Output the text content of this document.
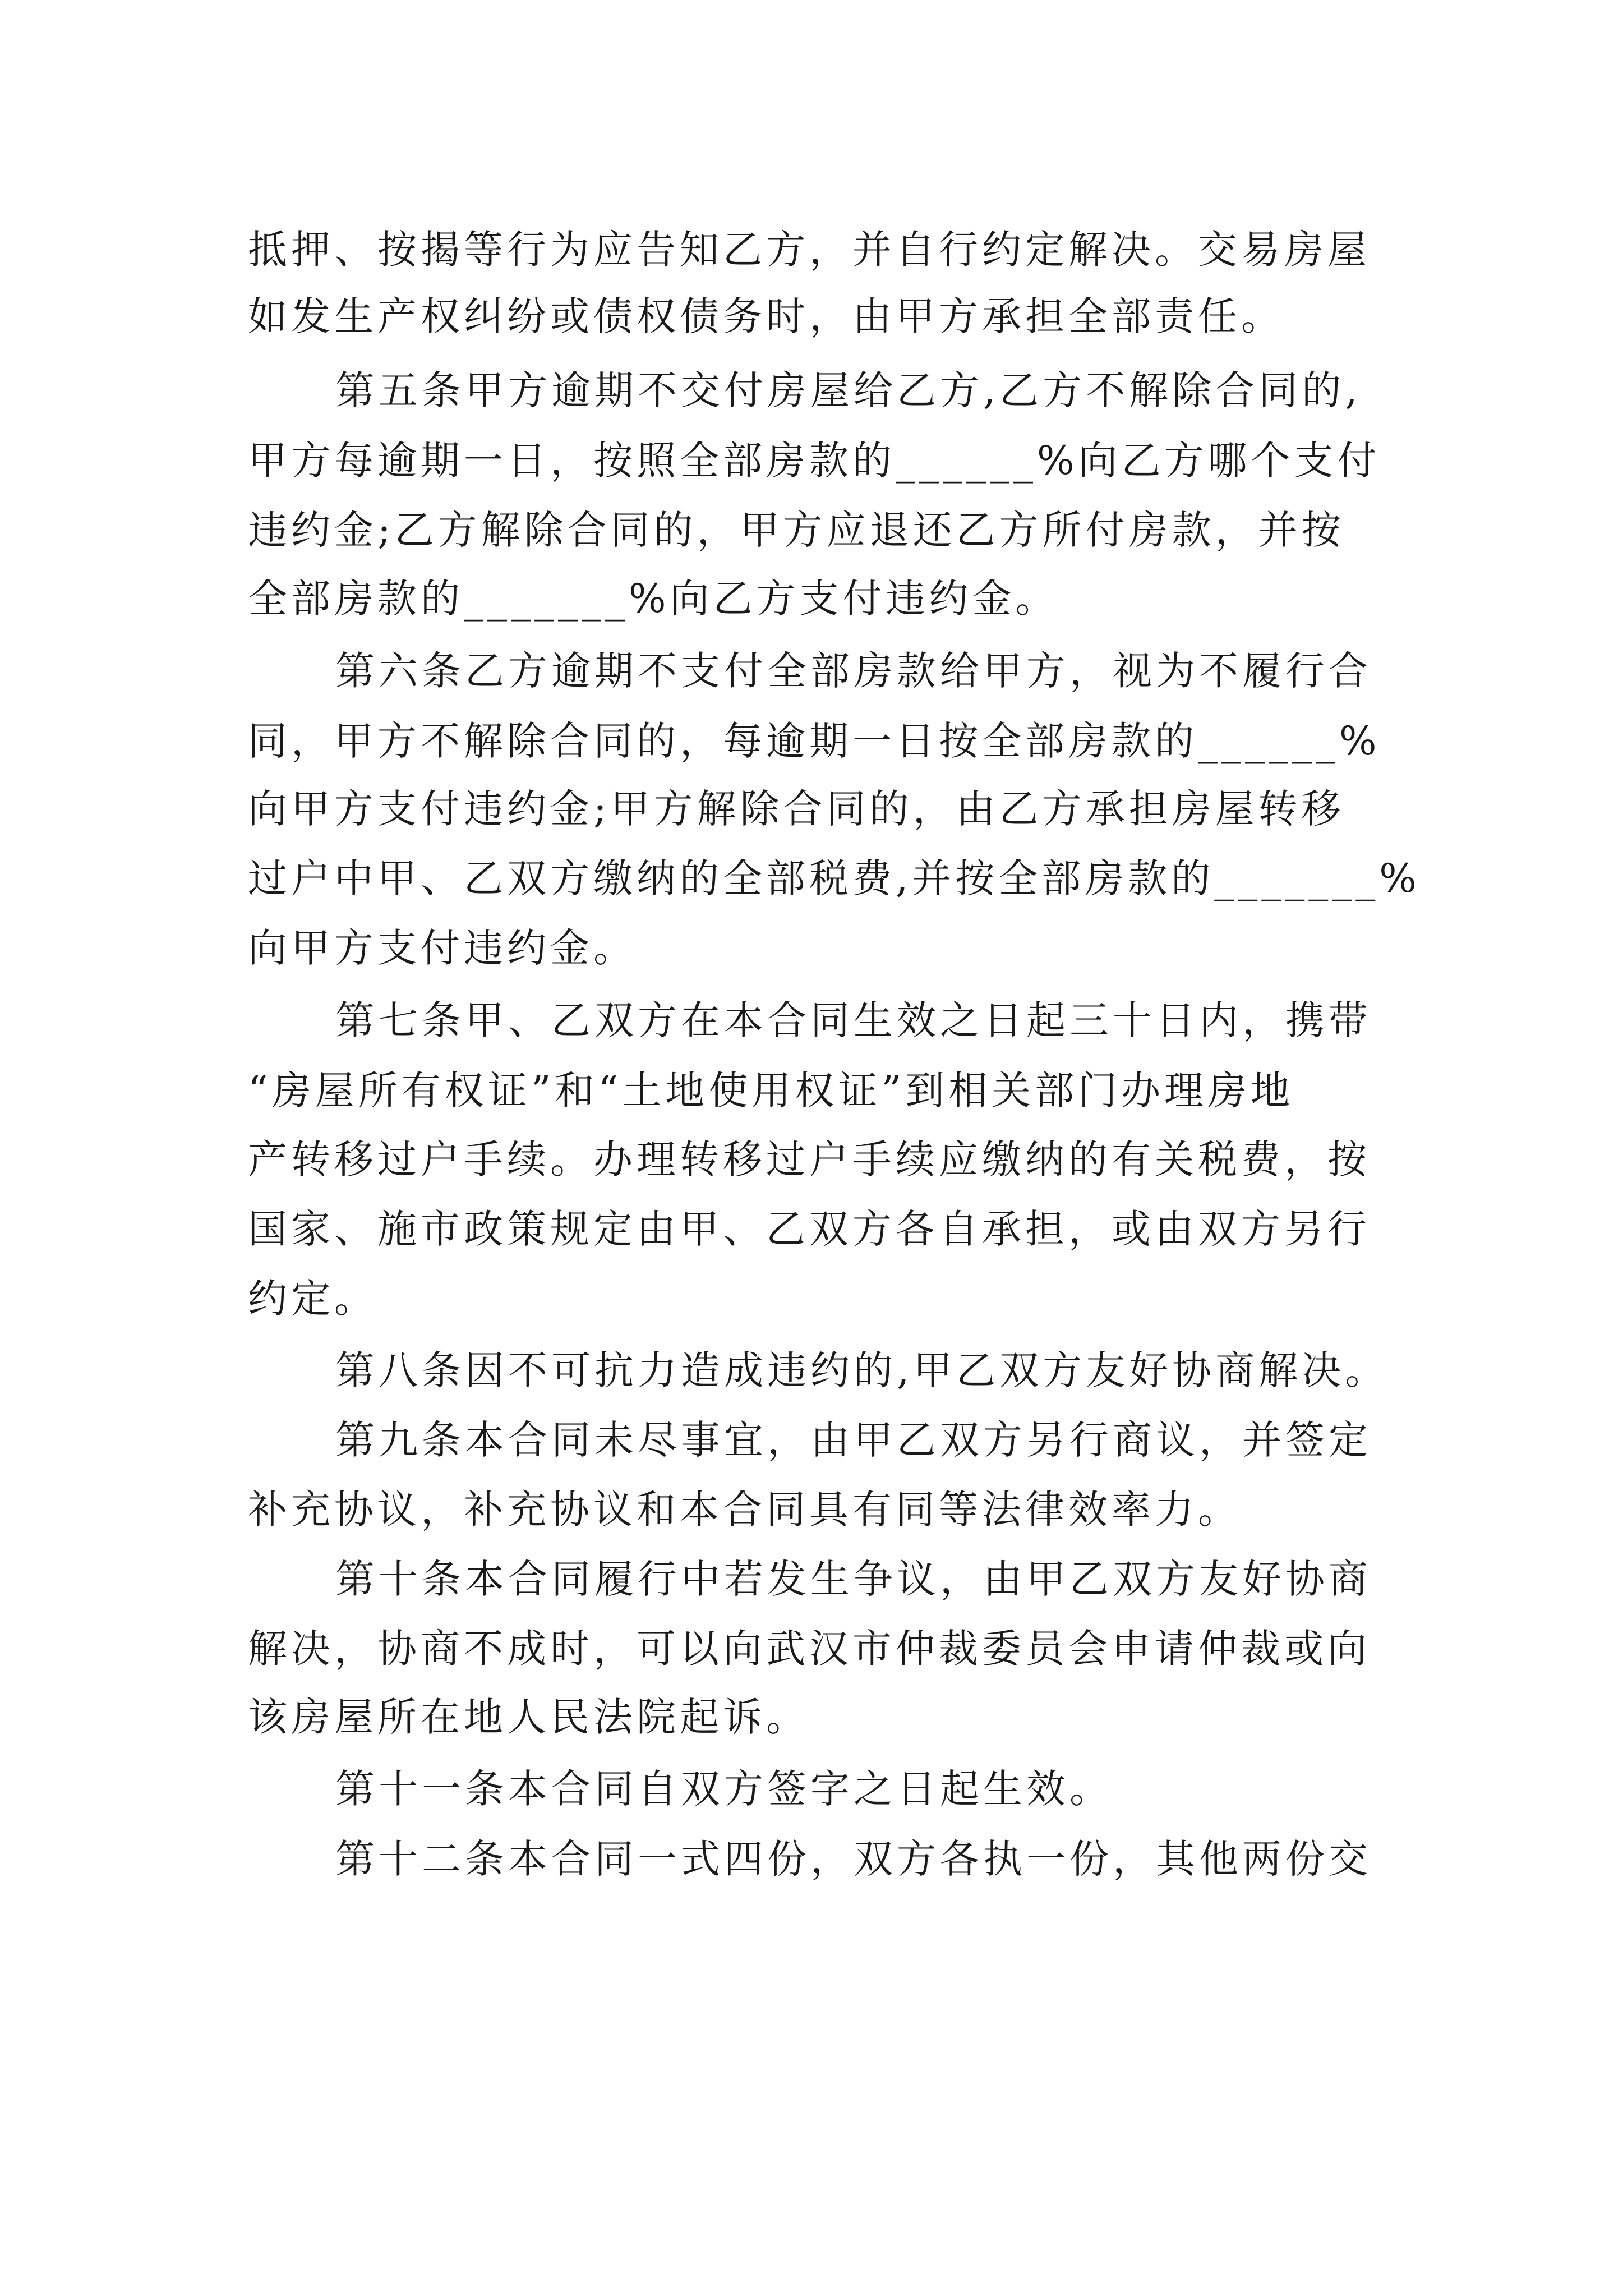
抵押、按揭等行为应告知乙方，并自行约定解决。交易房屋
如发生产权纠纷或债权债务时，由甲方承担全部责任。
第五条甲方逾期不交付房屋给乙方,乙方不解除合同的,
甲方每逾期一日，按照全部房款的______%向乙方哪个支付
违约金;乙方解除合同的，甲方应退还乙方所付房款，并按
全部房款的_______%向乙方支付违约金。
第六条乙方逾期不支付全部房款给甲方，视为不履行合
同，甲方不解除合同的，每逾期一日按全部房款的______%
向甲方支付违约金;甲方解除合同的，由乙方承担房屋转移
过户中甲、乙双方缴纳的全部税费,并按全部房款的_______%
向甲方支付违约金。
第七条甲、乙双方在本合同生效之日起三十日内，携带
“房屋所有权证”和“土地使用权证”到相关部门办理房地
产转移过户手续。办理转移过户手续应缴纳的有关税费，按
国家、施市政策规定由甲、乙双方各自承担，或由双方另行
约定。
第八条因不可抗力造成违约的,甲乙双方友好协商解决。
第九条本合同未尽事宜，由甲乙双方另行商议，并签定
补充协议，补充协议和本合同具有同等法律效率力。
第十条本合同履行中若发生争议，由甲乙双方友好协商
解决，协商不成时，可以向武汉市仲裁委员会申请仲裁或向
该房屋所在地人民法院起诉。
第十一条本合同自双方签字之日起生效。
第十二条本合同一式四份，双方各执一份，其他两份交
